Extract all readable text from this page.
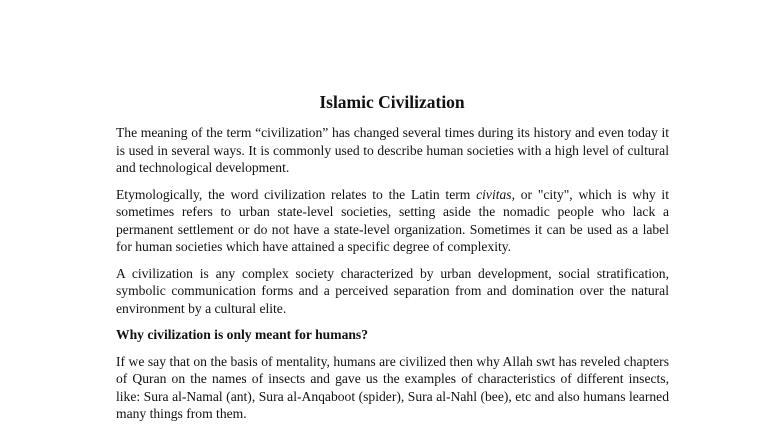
Islamic Civilization

The meaning of the term “civilization” has changed several times during its history and even today it is used in several ways. It is commonly used to describe human societies with a high level of cultural and technological development.

Etymologically, the word civilization relates to the Latin term civitas, or "city", which is why it sometimes refers to urban state-level societies, setting aside the nomadic people who lack a permanent settlement or do not have a state-level organization. Sometimes it can be used as a label for human societies which have attained a specific degree of complexity.

A civilization is any complex society characterized by urban development, social stratification, symbolic communication forms and a perceived separation from and domination over the natural environment by a cultural elite.

Why civilization is only meant for humans?

If we say that on the basis of mentality, humans are civilized then why Allah swt has reveled chapters of Quran on the names of insects and gave us the examples of characteristics of different insects, like: Sura al-Namal (ant), Sura al-Anqaboot (spider), Sura al-Nahl (bee), etc and also humans learned many things from them.
